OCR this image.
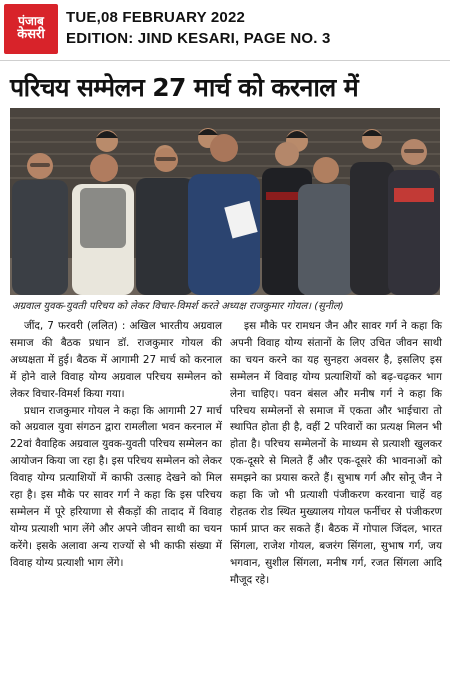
पंजाब
केसरी
TUE,08 FEBRUARY 2022
EDITION: JIND KESARI, PAGE NO. 3
परिचय सम्मेलन 27 मार्च को करनाल में
अग्रवाल युवक-युवती परिचय को लेकर विचार-विमर्श करते अध्यक्ष राजकुमार गोयल। (सुनील)

जींद, 7 फरवरी (ललित) : अखिल भारतीय अग्रवाल समाज की बैठक प्रधान डॉ. राजकुमार गोयल की अध्यक्षता में हुई। बैठक में आगामी 27 मार्च को करनाल में होने वाले विवाह योग्य अग्रवाल परिचय सम्मेलन को लेकर विचार-विमर्श किया गया।

प्रधान राजकुमार गोयल ने कहा कि आगामी 27 मार्च को अग्रवाल युवा संगठन द्वारा रामलीला भवन करनाल में 22वां वैवाहिक अग्रवाल युवक-युवती परिचय सम्मेलन का आयोजन किया जा रहा है। इस परिचय सम्मेलन को लेकर विवाह योग्य प्रत्याशियों में काफी उत्साह देखने को मिल रहा है। इस मौके पर सावर गर्ग ने कहा कि इस परिचय सम्मेलन में पूरे हरियाणा से सैकड़ों की तादाद में विवाह योग्य प्रत्याशी भाग लेंगे और अपने जीवन साथी का चयन करेंगे। इसके अलावा अन्य राज्यों से भी काफी संख्या में विवाह योग्य प्रत्याशी भाग लेंगे।

इस मौके पर रामधन जैन और सावर गर्ग ने कहा कि अपनी विवाह योग्य संतानों के लिए उचित जीवन साथी का चयन करने का यह सुनहरा अवसर है, इसलिए इस सम्मेलन में विवाह योग्य प्रत्याशियों को बढ़-चढ़कर भाग लेना चाहिए। पवन बंसल और मनीष गर्ग ने कहा कि परिचय सम्मेलनों से समाज में एकता और भाईचारा तो स्थापित होता ही है, वहीं 2 परिवारों का प्रत्यक्ष मिलन भी होता है। परिचय सम्मेलनों के माध्यम से प्रत्याशी खुलकर एक-दूसरे से मिलते हैं और एक-दूसरे की भावनाओं को समझने का प्रयास करते हैं। सुभाष गर्ग और सोनू जैन ने कहा कि जो भी प्रत्याशी पंजीकरण करवाना चाहें वह रोहतक रोड स्थित मुख्यालय गोयल फर्नीचर से पंजीकरण फार्म प्राप्त कर सकते हैं। बैठक में गोपाल जिंदल, भारत सिंगला, राजेश गोयल, बजरंग सिंगला, सुभाष गर्ग, जय भगवान, सुशील सिंगला, मनीष गर्ग, रजत सिंगला आदि मौजूद रहे।
